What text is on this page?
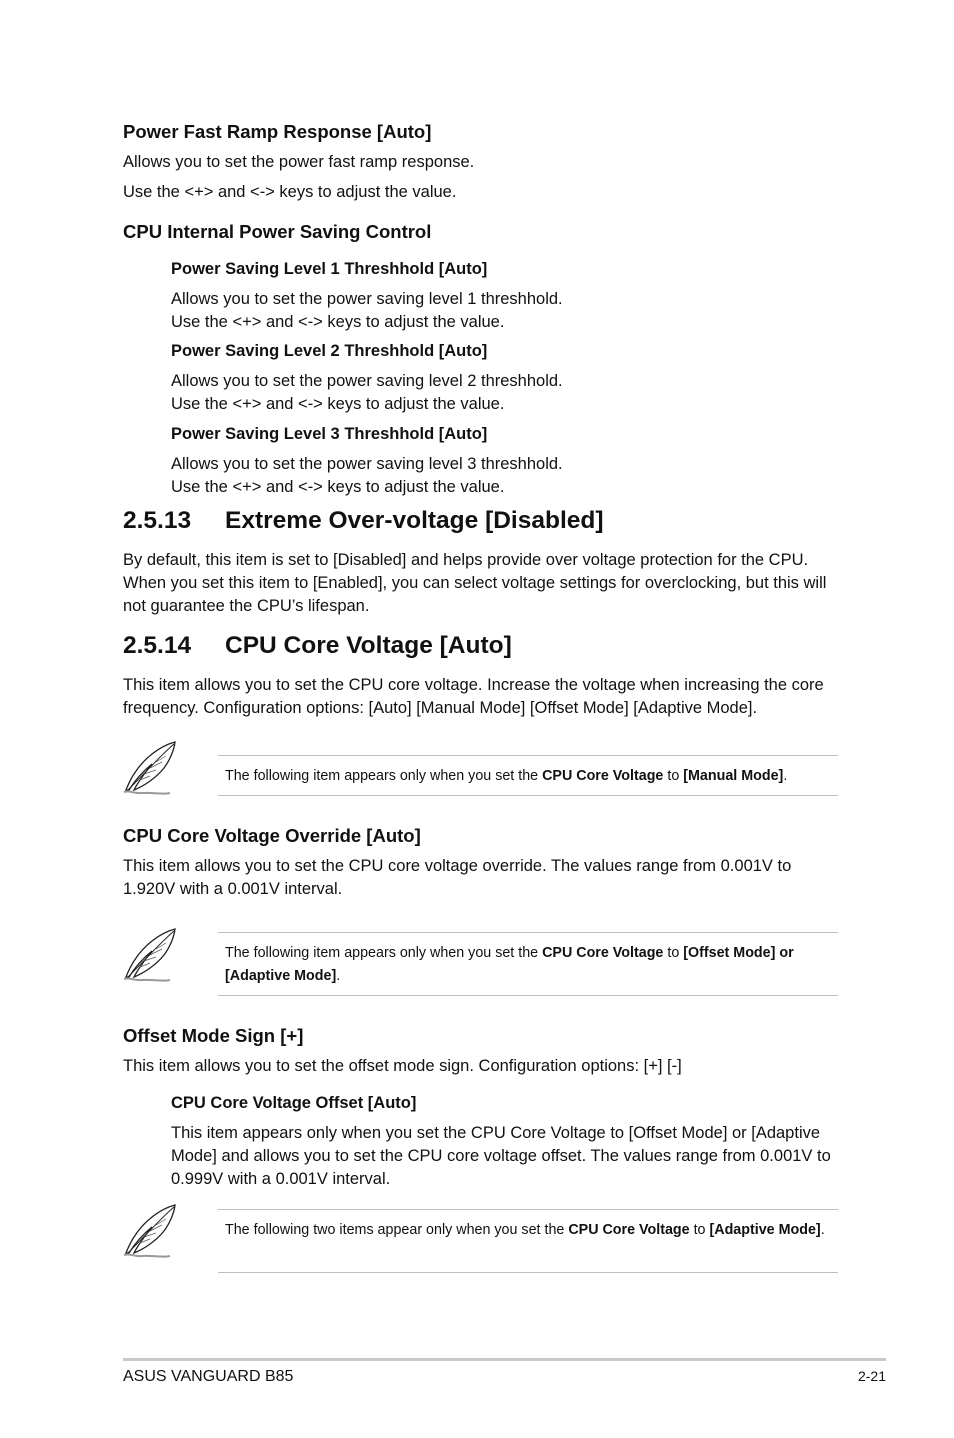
Power Fast Ramp Response [Auto]
Allows you to set the power fast ramp response.
Use the <+> and <-> keys to adjust the value.
CPU Internal Power Saving Control
Power Saving Level 1 Threshhold [Auto]
Allows you to set the power saving level 1 threshhold.
Use the <+> and <-> keys to adjust the value.
Power Saving Level 2 Threshhold [Auto]
Allows you to set the power saving level 2 threshhold.
Use the <+> and <-> keys to adjust the value.
Power Saving Level 3 Threshhold [Auto]
Allows you to set the power saving level 3 threshhold.
Use the <+> and <-> keys to adjust the value.
2.5.13 Extreme Over-voltage [Disabled]
By default, this item is set to [Disabled] and helps provide over voltage protection for the CPU. When you set this item to [Enabled], you can select voltage settings for overclocking, but this will not guarantee the CPU’s lifespan.
2.5.14 CPU Core Voltage [Auto]
This item allows you to set the CPU core voltage. Increase the voltage when increasing the core frequency. Configuration options: [Auto] [Manual Mode] [Offset Mode] [Adaptive Mode].
The following item appears only when you set the CPU Core Voltage to [Manual Mode].
CPU Core Voltage Override [Auto]
This item allows you to set the CPU core voltage override. The values range from 0.001V to 1.920V with a 0.001V interval.
The following item appears only when you set the CPU Core Voltage to [Offset Mode] or [Adaptive Mode].
Offset Mode Sign [+]
This item allows you to set the offset mode sign. Configuration options: [+] [-]
CPU Core Voltage Offset [Auto]
This item appears only when you set the CPU Core Voltage to [Offset Mode] or [Adaptive Mode] and allows you to set the CPU core voltage offset. The values range from 0.001V to 0.999V with a 0.001V interval.
The following two items appear only when you set the CPU Core Voltage to [Adaptive Mode].
ASUS VANGUARD B85	2-21
